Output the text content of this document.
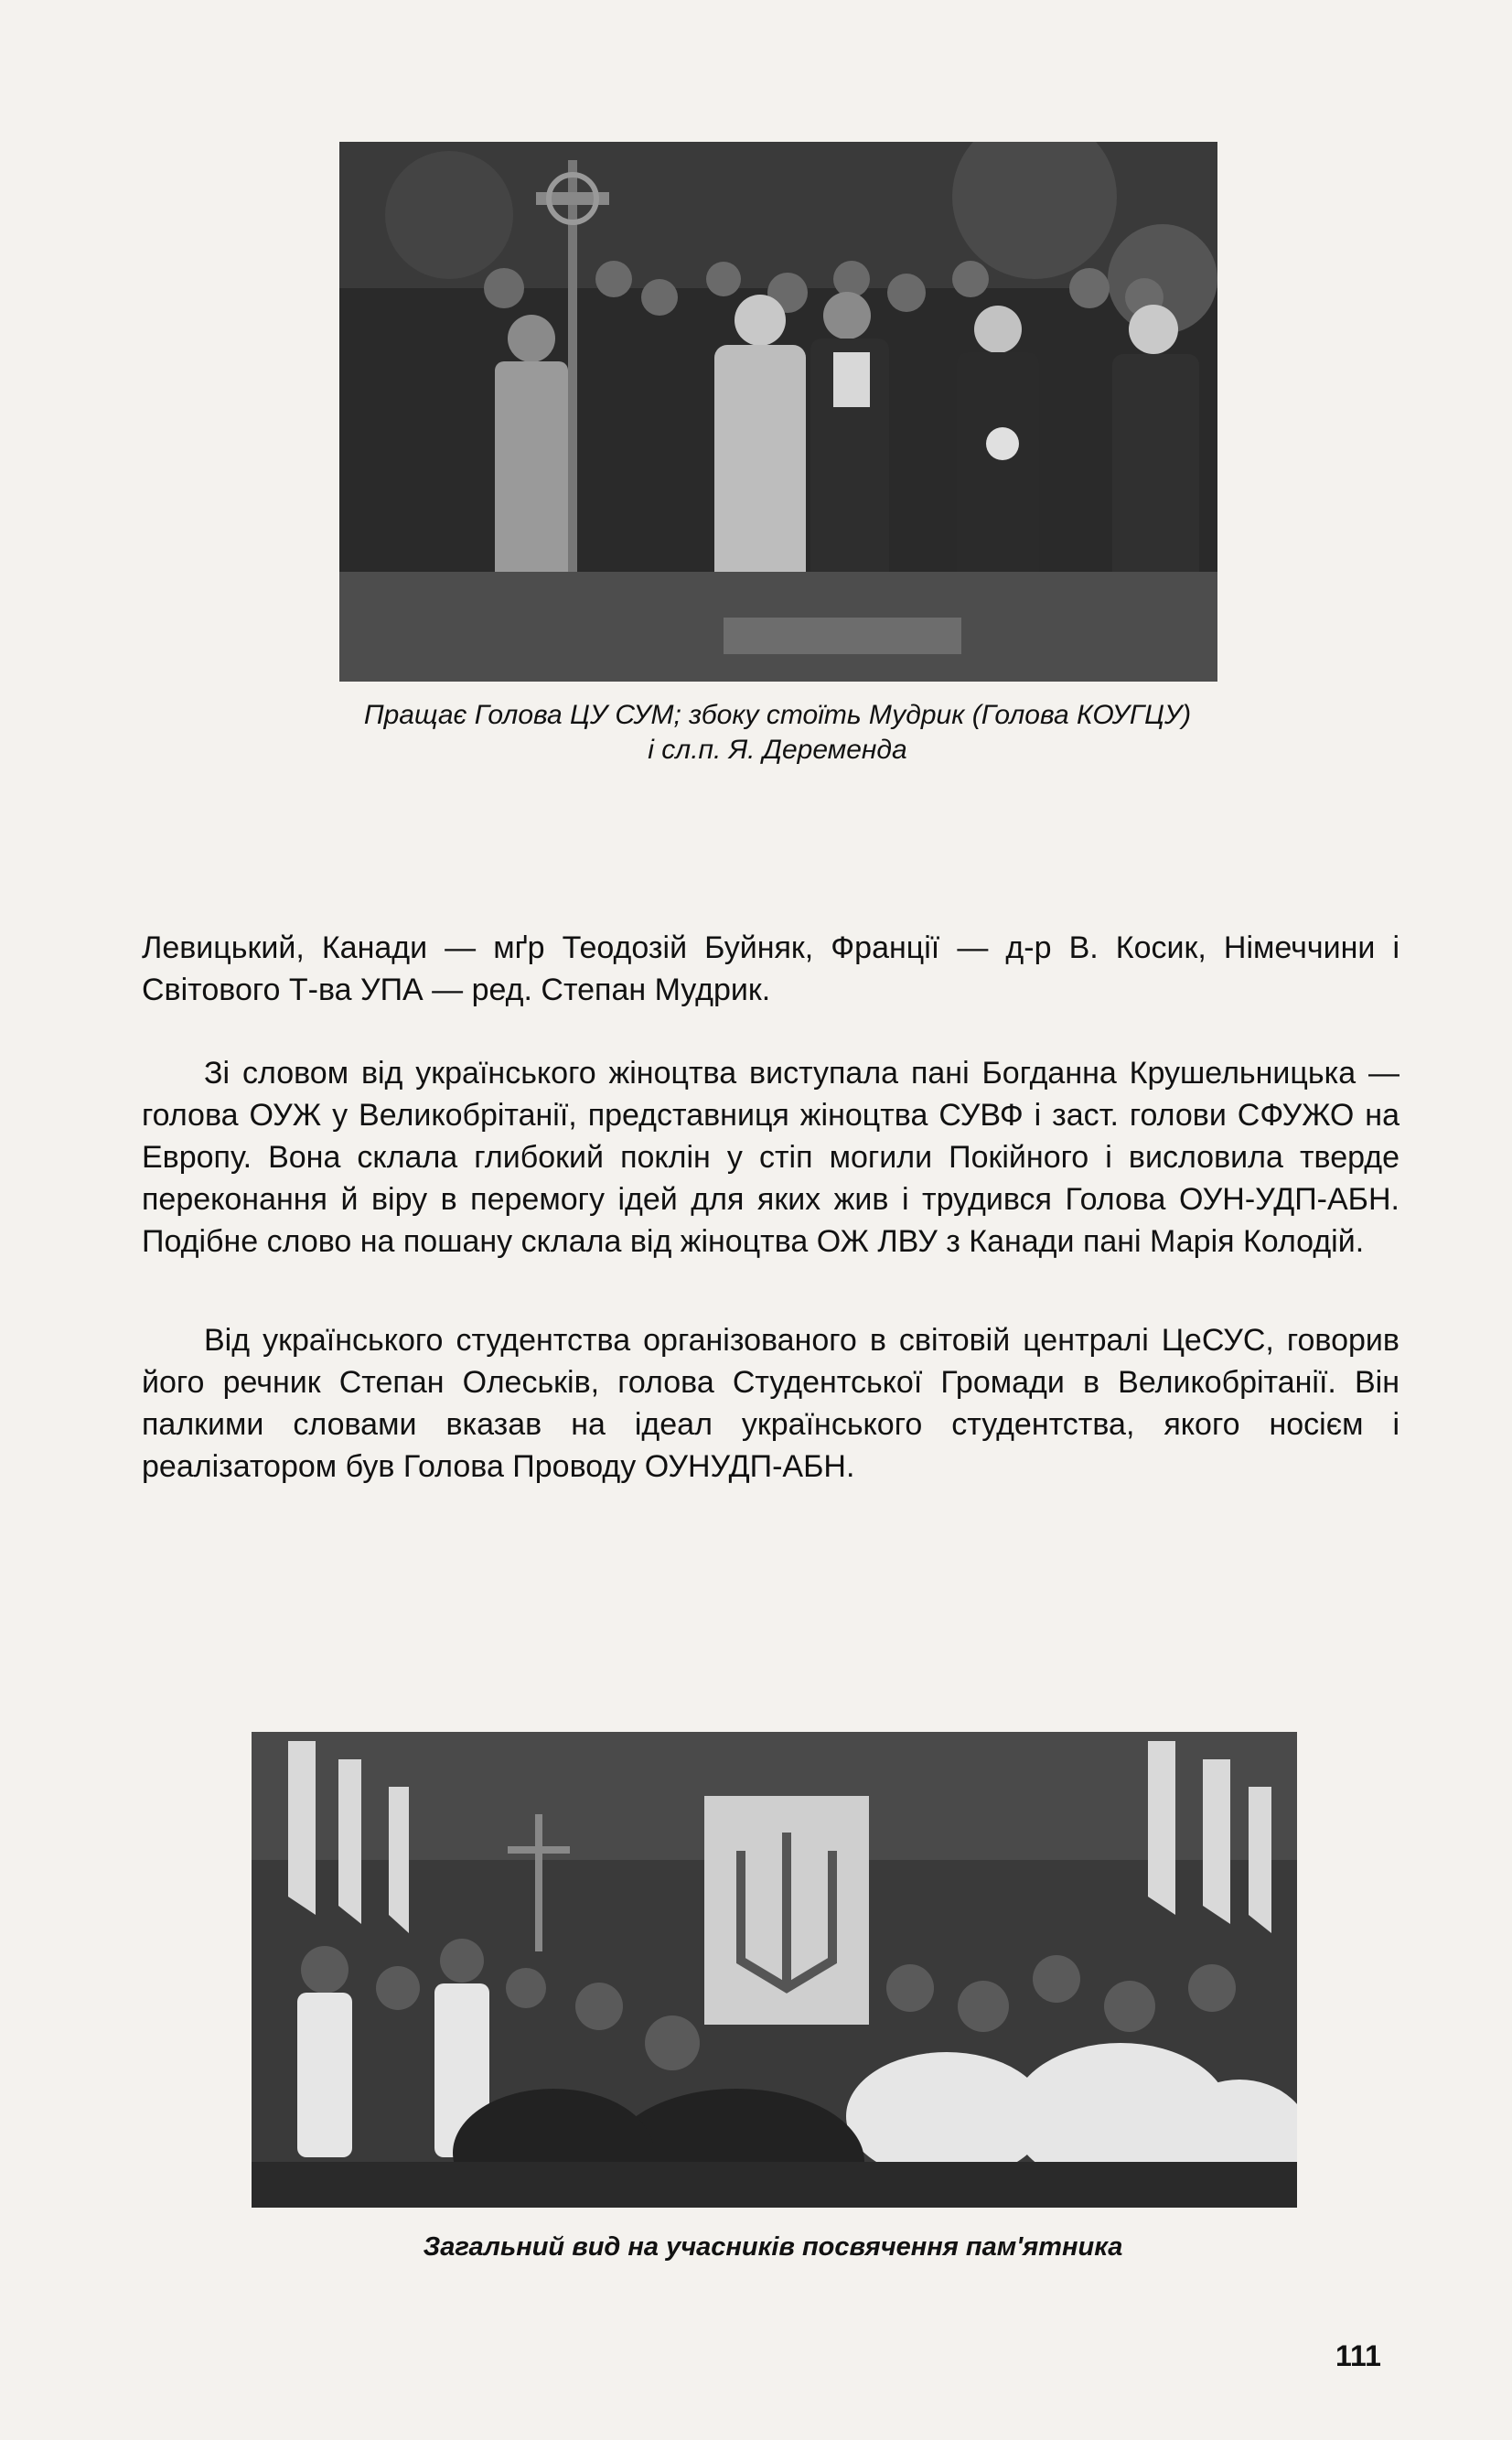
Пращає Голова ЦУ СУМ; збоку стоїть Мудрик (Голова КОУГЦУ)
і сл.п. Я. Деременда

Левицький, Канади — мґр Теодозій Буйняк, Франції — д-р В. Косик, Німеччини і Світового Т-ва УПА — ред. Степан Мудрик.

Зі словом від українського жіноцтва виступала пані Богданна Крушельницька — голова ОУЖ у Великобрітанії, представниця жіноцтва СУВФ і заст. голови СФУЖО на Европу. Вона склала глибокий поклін у стіп могили Покійного і висловила тверде переконання й віру в перемогу ідей для яких жив і трудився Голова ОУН-УДП-АБН. Подібне слово на пошану склала від жіноцтва ОЖ ЛВУ з Канади пані Марія Колодій.

Від українського студентства організованого в світовій централі ЦеСУС, говорив його речник Степан Олеськів, голова Студентської Громади в Великобрітанії. Він палкими словами вказав на ідеал українського студентства, якого носієм і реалізатором був Голова Проводу ОУНУДП-АБН.

Загальний вид на учасників посвячення пам'ятника
111
